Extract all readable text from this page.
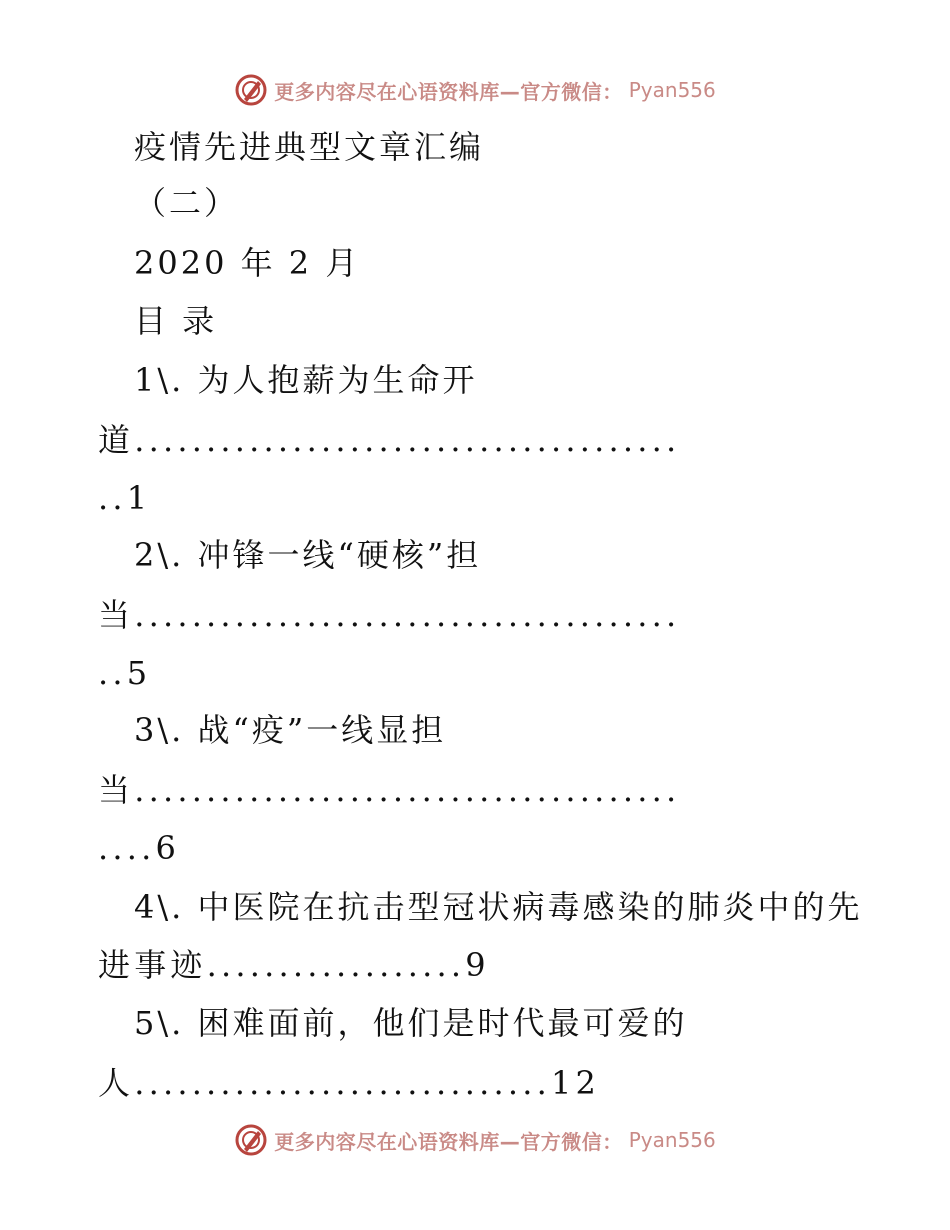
更多内容尽在心语资料库—官方微信： Pyan556
疫情先进典型文章汇编
（二）
2020 年 2 月
目 录
1\. 为人抱薪为生命开
道......................................
..1
2\. 冲锋一线“硬核”担
当......................................
..5
3\. 战“疫”一线显担
当......................................
....6
4\. 中医院在抗击型冠状病毒感染的肺炎中的先
进事迹..................9
5\. 困难面前，他们是时代最可爱的
人.............................12
更多内容尽在心语资料库—官方微信： Pyan556
